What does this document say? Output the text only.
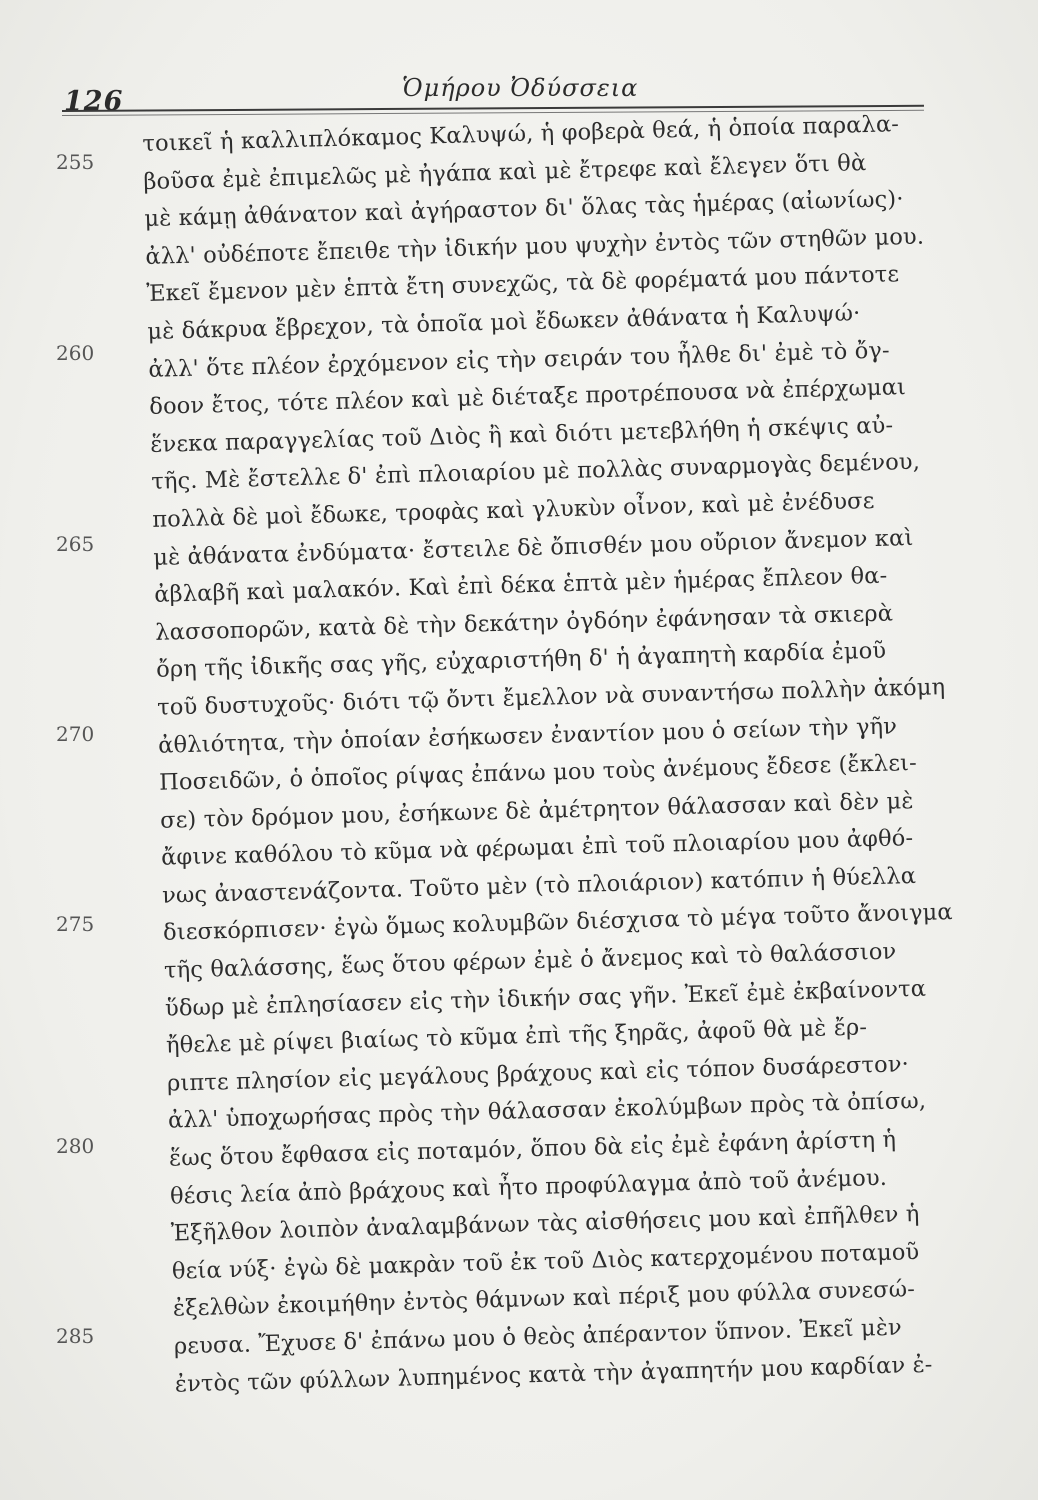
126	Ὁμήρου Ὀδύσσεια
255
260
265
270
275
280
285
τοικεῖ ἡ καλλιπλόκαμος Καλυψώ, ἡ φοβερὰ θεά, ἡ ὁποία παραλα-
βοῦσα ἐμὲ ἐπιμελῶς μὲ ἠγάπα καὶ μὲ ἔτρεφε καὶ ἔλεγεν ὅτι θὰ
μὲ κάμῃ ἀθάνατον καὶ ἀγήραστον δι' ὅλας τὰς ἡμέρας (αἰωνίως)·
ἀλλ' οὐδέποτε ἔπειθε τὴν ἰδικήν μου ψυχὴν ἐντὸς τῶν στηθῶν μου.
Ἐκεῖ ἔμενον μὲν ἑπτὰ ἔτη συνεχῶς, τὰ δὲ φορέματά μου πάντοτε
μὲ δάκρυα ἔβρεχον, τὰ ὁποῖα μοὶ ἔδωκεν ἀθάνατα ἡ Καλυψώ·
ἀλλ' ὅτε πλέον ἐρχόμενον εἰς τὴν σειράν του ἦλθε δι' ἐμὲ τὸ ὄγ-
δοον ἔτος, τότε πλέον καὶ μὲ διέταξε προτρέπουσα νὰ ἐπέρχωμαι
ἕνεκα παραγγελίας τοῦ Διὸς ἢ καὶ διότι μετεβλήθη ἡ σκέψις αὐ-
τῆς. Μὲ ἔστελλε δ' ἐπὶ πλοιαρίου μὲ πολλὰς συναρμογὰς δεμένου,
πολλὰ δὲ μοὶ ἔδωκε, τροφὰς καὶ γλυκὺν οἶνον, καὶ μὲ ἐνέδυσε
μὲ ἀθάνατα ἐνδύματα· ἔστειλε δὲ ὄπισθέν μου οὔριον ἄνεμον καὶ
ἀβλαβῆ καὶ μαλακόν. Καὶ ἐπὶ δέκα ἑπτὰ μὲν ἡμέρας ἔπλεον θα-
λασσοπορῶν, κατὰ δὲ τὴν δεκάτην ὀγδόην ἐφάνησαν τὰ σκιερὰ
ὄρη τῆς ἰδικῆς σας γῆς, εὐχαριστήθη δ' ἡ ἀγαπητὴ καρδία ἐμοῦ
τοῦ δυστυχοῦς· διότι τῷ ὄντι ἔμελλον νὰ συναντήσω πολλὴν ἀκόμη
ἀθλιότητα, τὴν ὁποίαν ἐσήκωσεν ἐναντίον μου ὁ σείων τὴν γῆν
Ποσειδῶν, ὁ ὁποῖος ρίψας ἐπάνω μου τοὺς ἀνέμους ἔδεσε (ἔκλει-
σε) τὸν δρόμον μου, ἐσήκωνε δὲ ἀμέτρητον θάλασσαν καὶ δὲν μὲ
ἄφινε καθόλου τὸ κῦμα νὰ φέρωμαι ἐπὶ τοῦ πλοιαρίου μου ἀφθό-
νως ἀναστενάζοντα. Τοῦτο μὲν (τὸ πλοιάριον) κατόπιν ἡ θύελλα
διεσκόρπισεν· ἐγὼ ὅμως κολυμβῶν διέσχισα τὸ μέγα τοῦτο ἄνοιγμα
τῆς θαλάσσης, ἕως ὅτου φέρων ἐμὲ ὁ ἄνεμος καὶ τὸ θαλάσσιον
ὕδωρ μὲ ἐπλησίασεν εἰς τὴν ἰδικήν σας γῆν. Ἐκεῖ ἐμὲ ἐκβαίνοντα
ἤθελε μὲ ρίψει βιαίως τὸ κῦμα ἐπὶ τῆς ξηρᾶς, ἀφοῦ θὰ μὲ ἔρ-
ριπτε πλησίον εἰς μεγάλους βράχους καὶ εἰς τόπον δυσάρεστον·
ἀλλ' ὑποχωρήσας πρὸς τὴν θάλασσαν ἐκολύμβων πρὸς τὰ ὀπίσω,
ἕως ὅτου ἔφθασα εἰς ποταμόν, ὅπου δὰ εἰς ἐμὲ ἐφάνη ἀρίστη ἡ
θέσις λεία ἀπὸ βράχους καὶ ἦτο προφύλαγμα ἀπὸ τοῦ ἀνέμου.
Ἐξῆλθον λοιπὸν ἀναλαμβάνων τὰς αἰσθήσεις μου καὶ ἐπῆλθεν ἡ
θεία νύξ· ἐγὼ δὲ μακρὰν τοῦ ἐκ τοῦ Διὸς κατερχομένου ποταμοῦ
ἐξελθὼν ἐκοιμήθην ἐντὸς θάμνων καὶ πέριξ μου φύλλα συνεσώ-
ρευσα. Ἔχυσε δ' ἐπάνω μου ὁ θεὸς ἀπέραντον ὕπνον. Ἐκεῖ μὲν
ἐντὸς τῶν φύλλων λυπημένος κατὰ τὴν ἀγαπητήν μου καρδίαν ἐ-
